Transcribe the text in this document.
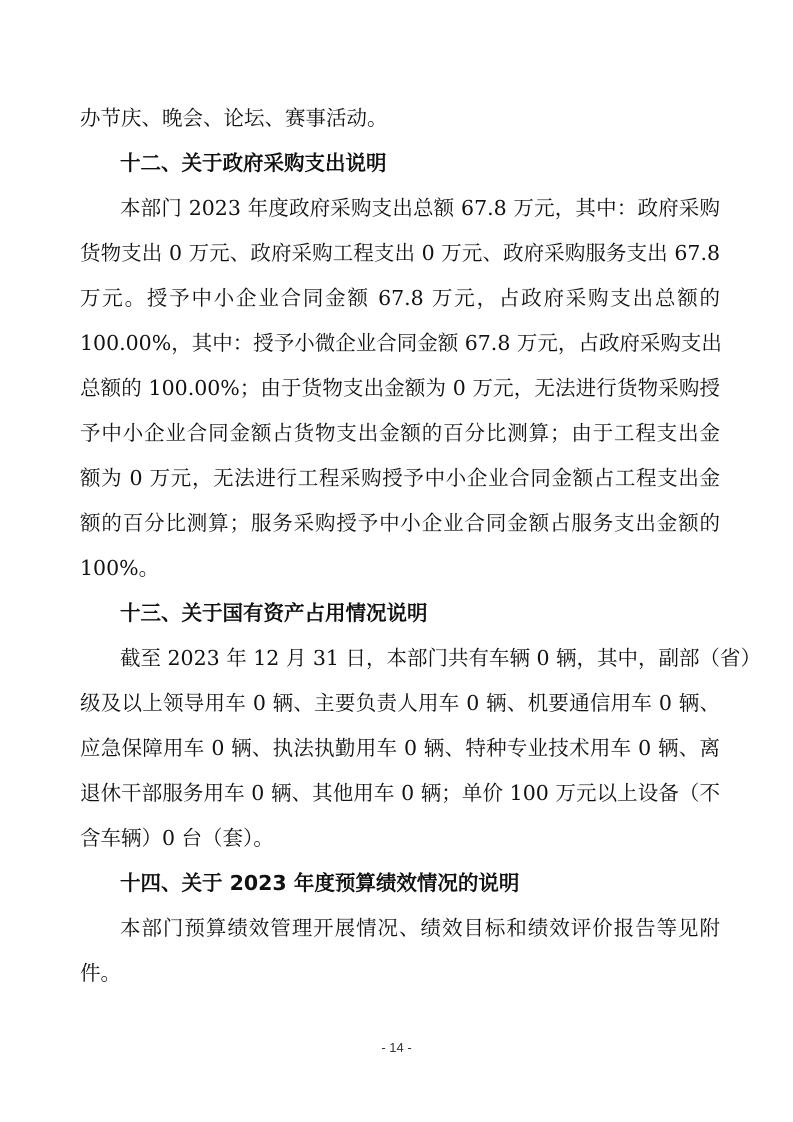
办节庆、晚会、论坛、赛事活动。
十二、关于政府采购支出说明
本部门 2023 年度政府采购支出总额 67.8 万元，其中：政府采购
货物支出 0 万元、政府采购工程支出 0 万元、政府采购服务支出 67.8
万元。授予中小企业合同金额 67.8 万元，占政府采购支出总额的
100.00%，其中：授予小微企业合同金额 67.8 万元，占政府采购支出
总额的 100.00%；由于货物支出金额为 0 万元，无法进行货物采购授
予中小企业合同金额占货物支出金额的百分比测算；由于工程支出金
额为 0 万元，无法进行工程采购授予中小企业合同金额占工程支出金
额的百分比测算；服务采购授予中小企业合同金额占服务支出金额的
100%。
十三、关于国有资产占用情况说明
截至 2023 年 12 月 31 日，本部门共有车辆 0 辆，其中，副部（省）
级及以上领导用车 0 辆、主要负责人用车 0 辆、机要通信用车 0 辆、
应急保障用车 0 辆、执法执勤用车 0 辆、特种专业技术用车 0 辆、离
退休干部服务用车 0 辆、其他用车 0 辆；单价 100 万元以上设备（不
含车辆）0 台（套）。
十四、关于 2023 年度预算绩效情况的说明
本部门预算绩效管理开展情况、绩效目标和绩效评价报告等见附
件。
- 14 -
